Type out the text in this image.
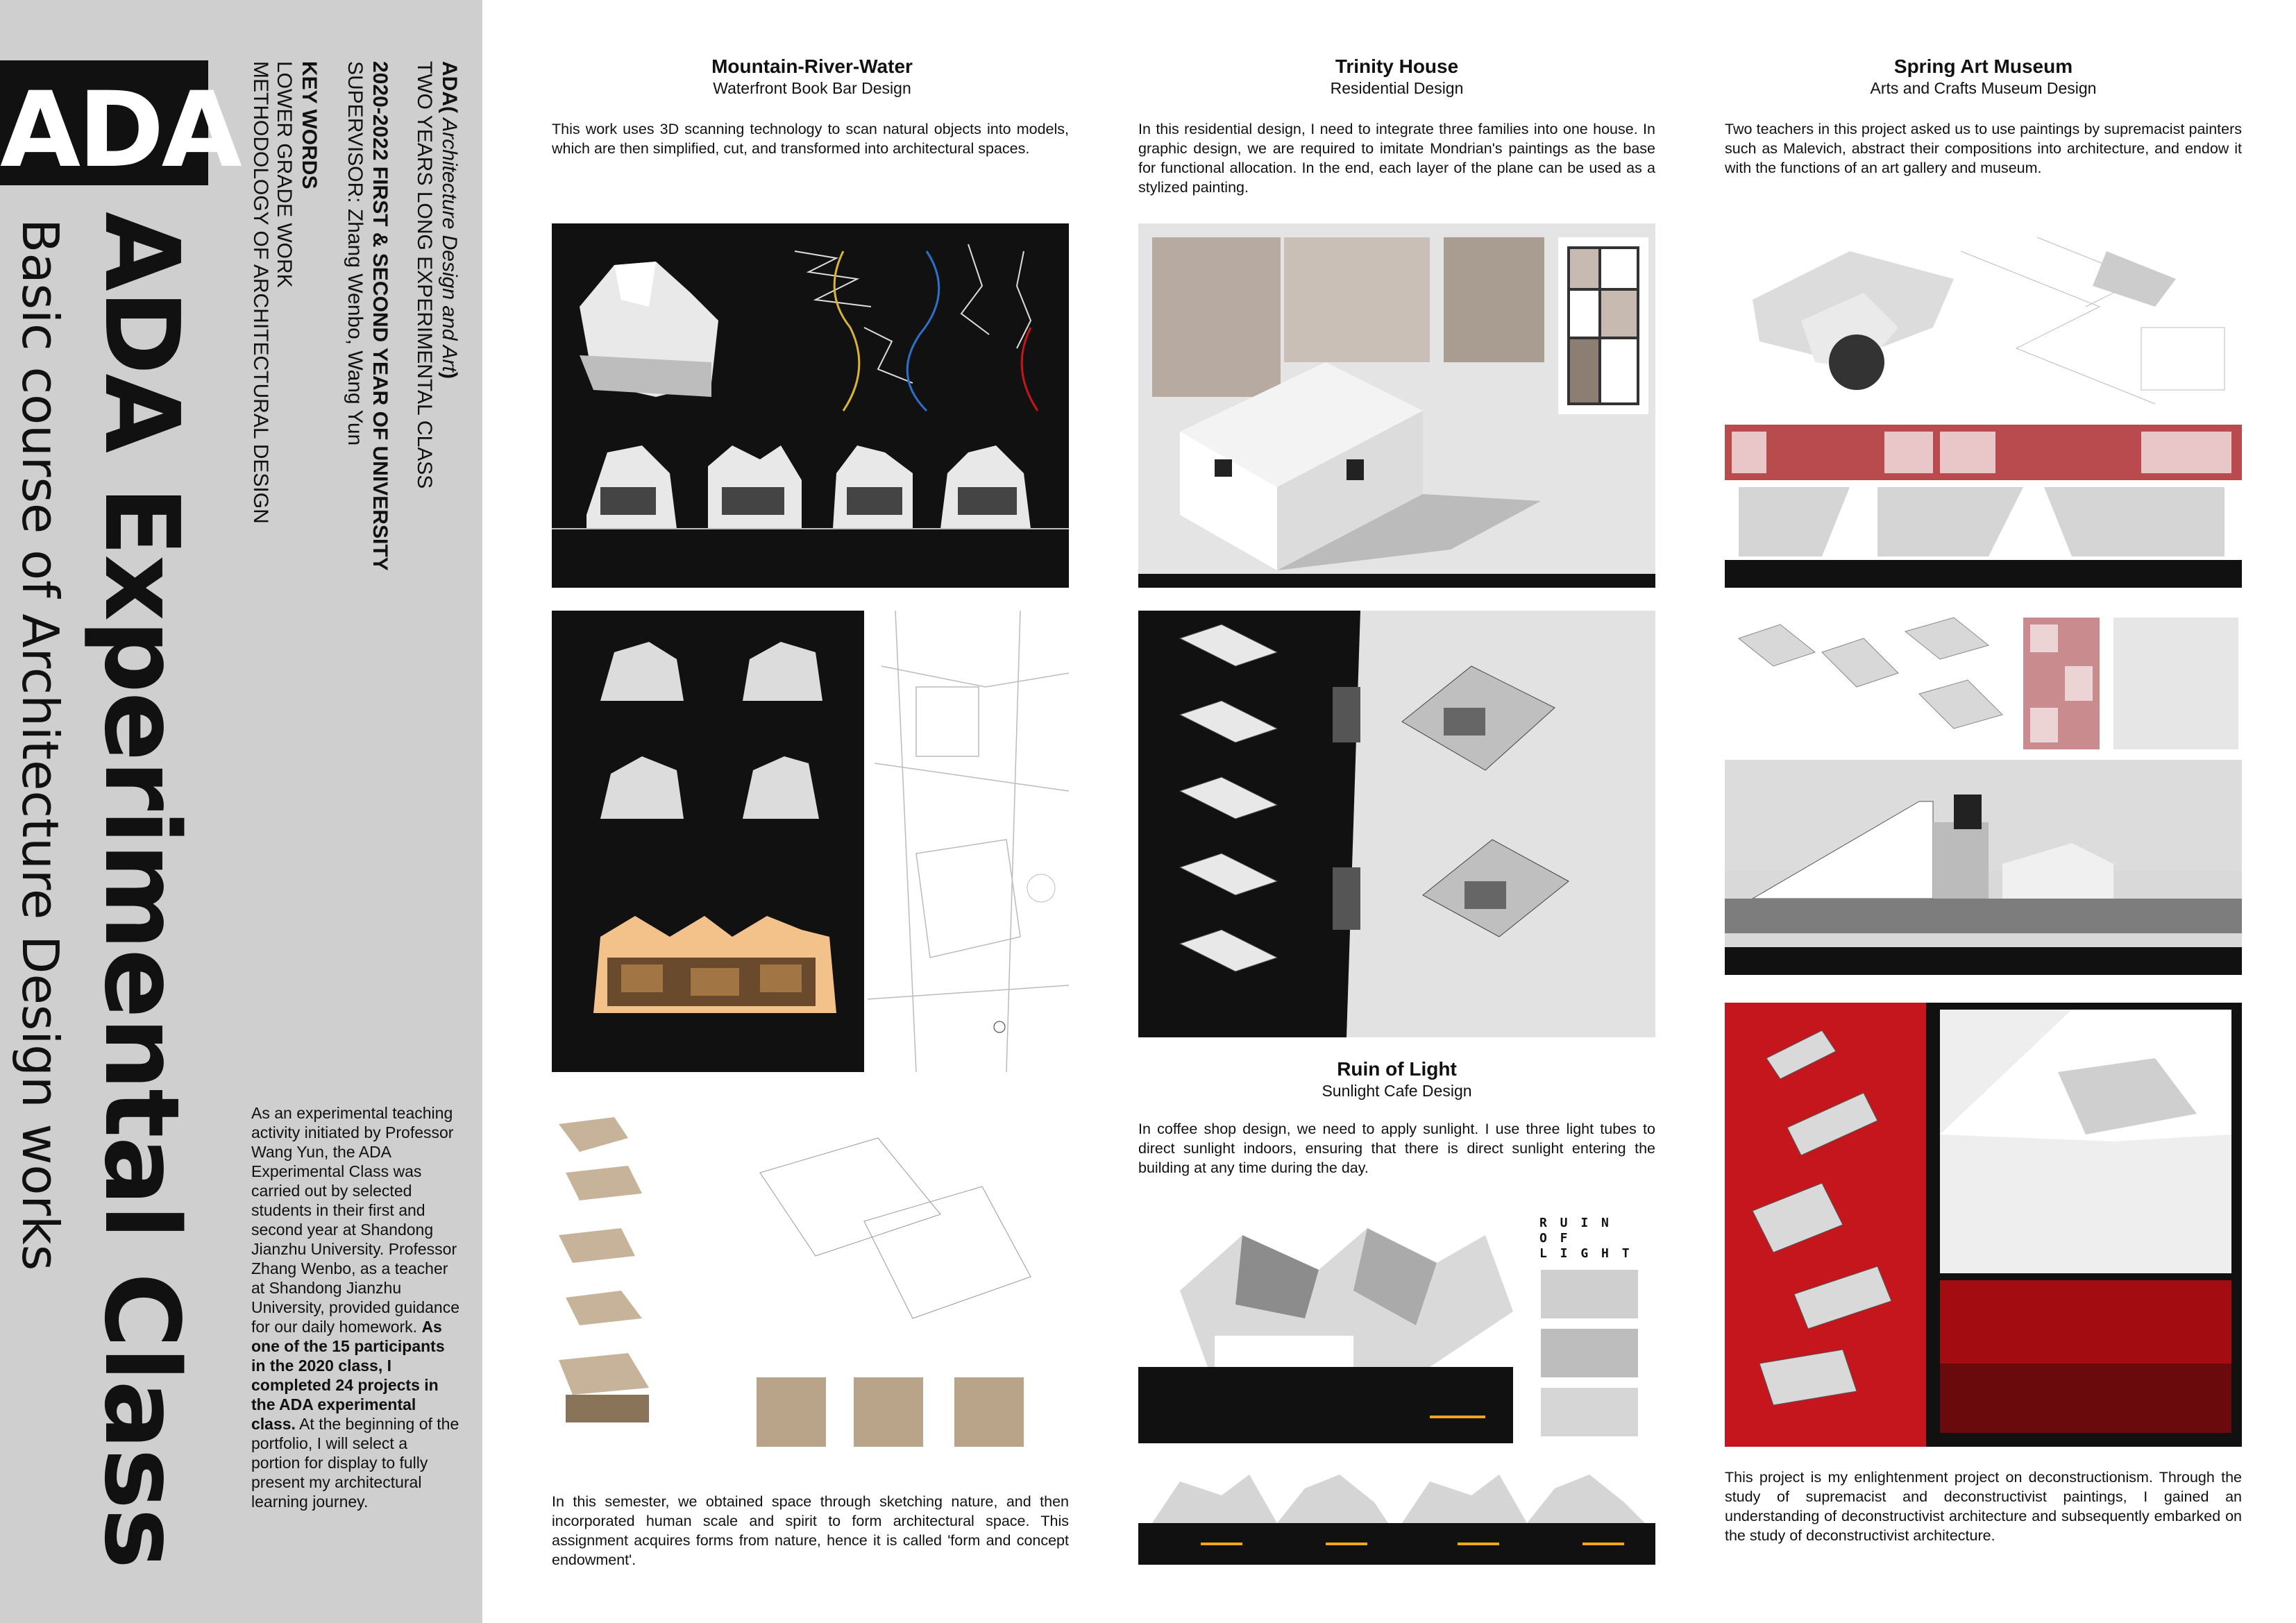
ADA
ADA Experimental Class
Basic course of Architecture Design works
ADA( Architecture Design and Art)
TWO YEARS LONG EXPERIMENTAL CLASS
2020-2022 FIRST & SECOND YEAR OF UNIVERSITY
SUPERVISOR: Zhang Wenbo, Wang Yun
KEY WORDS
LOWER GRADE WORK
METHODOLOGY OF ARCHITECTURAL DESIGN
As an experimental teaching activity initiated by Professor Wang Yun, the ADA Experimental Class was carried out by selected students in their first and second year at Shandong Jianzhu University. Professor Zhang Wenbo, as a teacher at Shandong Jianzhu University, provided guidance for our daily homework. As one of the 15 participants in the 2020 class, I completed 24 projects in the ADA experimental class. At the beginning of the portfolio, I will select a portion for display to fully present my architectural learning journey.
Mountain-River-Water
Waterfront Book Bar Design
This work uses 3D scanning technology to scan natural objects into models, which are then simplified, cut, and transformed into architectural spaces.
In this semester, we obtained space through sketching nature, and then incorporated human scale and spirit to form architectural space. This assignment acquires forms from nature, hence it is called 'form and concept endowment'.
Trinity House
Residential Design
In this residential design, I need to integrate three families into one house. In graphic design, we are required to imitate Mondrian's paintings as the base for functional allocation. In the end, each layer of the plane can be used as a stylized painting.
Ruin of Light
Sunlight Cafe Design
In coffee shop design, we need to apply sunlight. I use three light tubes to direct sunlight indoors, ensuring that there is direct sunlight entering the building at any time during the day.
R U I N
O F
L I G H T
Spring Art Museum
Arts and Crafts Museum Design
Two teachers in this project asked us to use paintings by supremacist painters such as Malevich, abstract their compositions into architecture, and endow it with the functions of an art gallery and museum.
This project is my enlightenment project on deconstructionism. Through the study of supremacist and deconstructivist paintings, I gained an understanding of deconstructivist architecture and subsequently embarked on the study of deconstructivist architecture.
